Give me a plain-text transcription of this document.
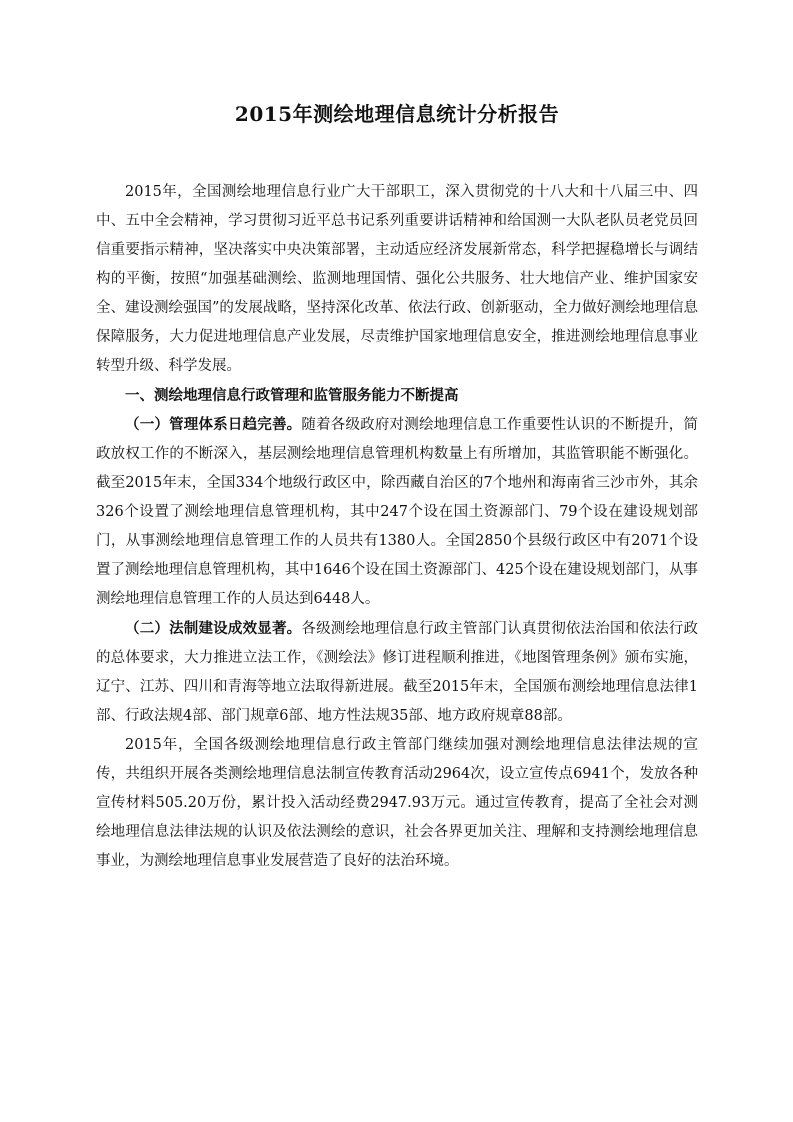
2015年测绘地理信息统计分析报告

2015年，全国测绘地理信息行业广大干部职工，深入贯彻党的十八大和十八届三中、四中、五中全会精神，学习贯彻习近平总书记系列重要讲话精神和给国测一大队老队员老党员回信重要指示精神，坚决落实中央决策部署，主动适应经济发展新常态，科学把握稳增长与调结构的平衡，按照“加强基础测绘、监测地理国情、强化公共服务、壮大地信产业、维护国家安全、建设测绘强国”的发展战略，坚持深化改革、依法行政、创新驱动，全力做好测绘地理信息保障服务，大力促进地理信息产业发展，尽责维护国家地理信息安全，推进测绘地理信息事业转型升级、科学发展。

一、测绘地理信息行政管理和监管服务能力不断提高

（一）管理体系日趋完善。随着各级政府对测绘地理信息工作重要性认识的不断提升，简政放权工作的不断深入，基层测绘地理信息管理机构数量上有所增加，其监管职能不断强化。截至2015年末，全国334个地级行政区中，除西藏自治区的7个地州和海南省三沙市外，其余326个设置了测绘地理信息管理机构，其中247个设在国土资源部门、79个设在建设规划部门，从事测绘地理信息管理工作的人员共有1380人。全国2850个县级行政区中有2071个设置了测绘地理信息管理机构，其中1646个设在国土资源部门、425个设在建设规划部门，从事测绘地理信息管理工作的人员达到6448人。

（二）法制建设成效显著。各级测绘地理信息行政主管部门认真贯彻依法治国和依法行政的总体要求，大力推进立法工作，《测绘法》修订进程顺利推进，《地图管理条例》颁布实施，辽宁、江苏、四川和青海等地立法取得新进展。截至2015年末，全国颁布测绘地理信息法律1部、行政法规4部、部门规章6部、地方性法规35部、地方政府规章88部。

2015年，全国各级测绘地理信息行政主管部门继续加强对测绘地理信息法律法规的宣传，共组织开展各类测绘地理信息法制宣传教育活动2964次，设立宣传点6941个，发放各种宣传材料505.20万份，累计投入活动经费2947.93万元。通过宣传教育，提高了全社会对测绘地理信息法律法规的认识及依法测绘的意识，社会各界更加关注、理解和支持测绘地理信息事业，为测绘地理信息事业发展营造了良好的法治环境。
